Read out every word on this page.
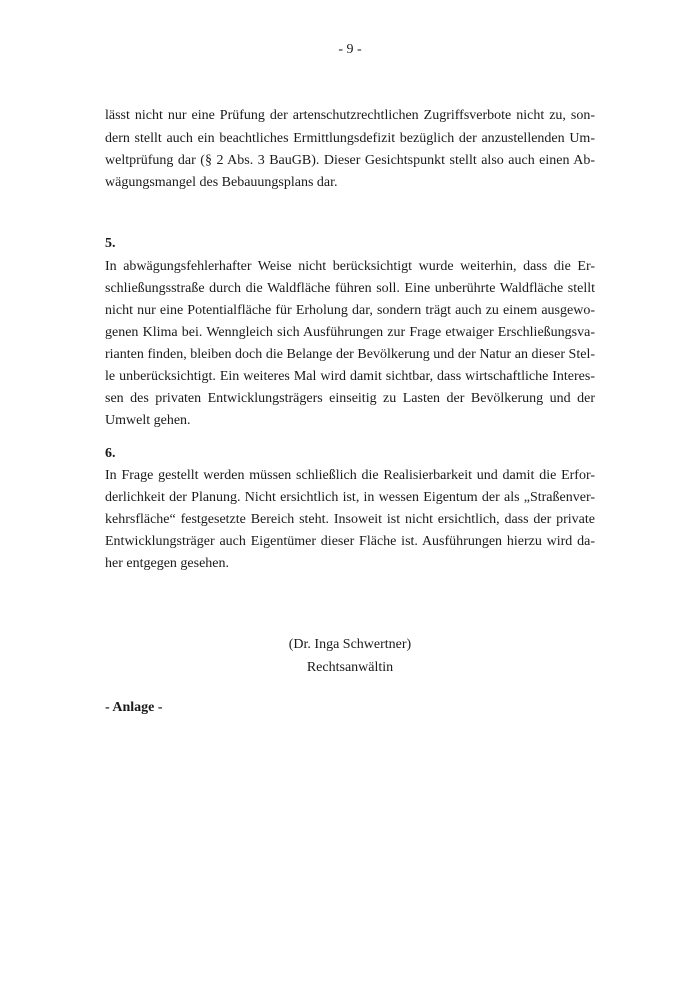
- 9 -
lässt nicht nur eine Prüfung der artenschutzrechtlichen Zugriffsverbote nicht zu, son-
dern stellt auch ein beachtliches Ermittlungsdefizit bezüglich der anzustellenden Um-
weltprüfung dar (§ 2 Abs. 3 BauGB). Dieser Gesichtspunkt stellt also auch einen Ab-
wägungsmangel des Bebauungsplans dar.
5.
In abwägungsfehlerhafter Weise nicht berücksichtigt wurde weiterhin, dass die Er-
schließungsstraße durch die Waldfläche führen soll. Eine unberührte Waldfläche stellt
nicht nur eine Potentialfläche für Erholung dar, sondern trägt auch zu einem ausgewo-
genen Klima bei. Wenngleich sich Ausführungen zur Frage etwaiger Erschließungsva-
rianten finden, bleiben doch die Belange der Bevölkerung und der Natur an dieser Stel-
le unberücksichtigt. Ein weiteres Mal wird damit sichtbar, dass wirtschaftliche Interes-
sen des privaten Entwicklungsträgers einseitig zu Lasten der Bevölkerung und der
Umwelt gehen.
6.
In Frage gestellt werden müssen schließlich die Realisierbarkeit und damit die Erfor-
derlichkeit der Planung. Nicht ersichtlich ist, in wessen Eigentum der als „Straßenver-
kehrsfläche“ festgesetzte Bereich steht. Insoweit ist nicht ersichtlich, dass der private
Entwicklungsträger auch Eigentümer dieser Fläche ist. Ausführungen hierzu wird da-
her entgegen gesehen.
(Dr. Inga Schwertner)
Rechtsanwältin
- Anlage -
